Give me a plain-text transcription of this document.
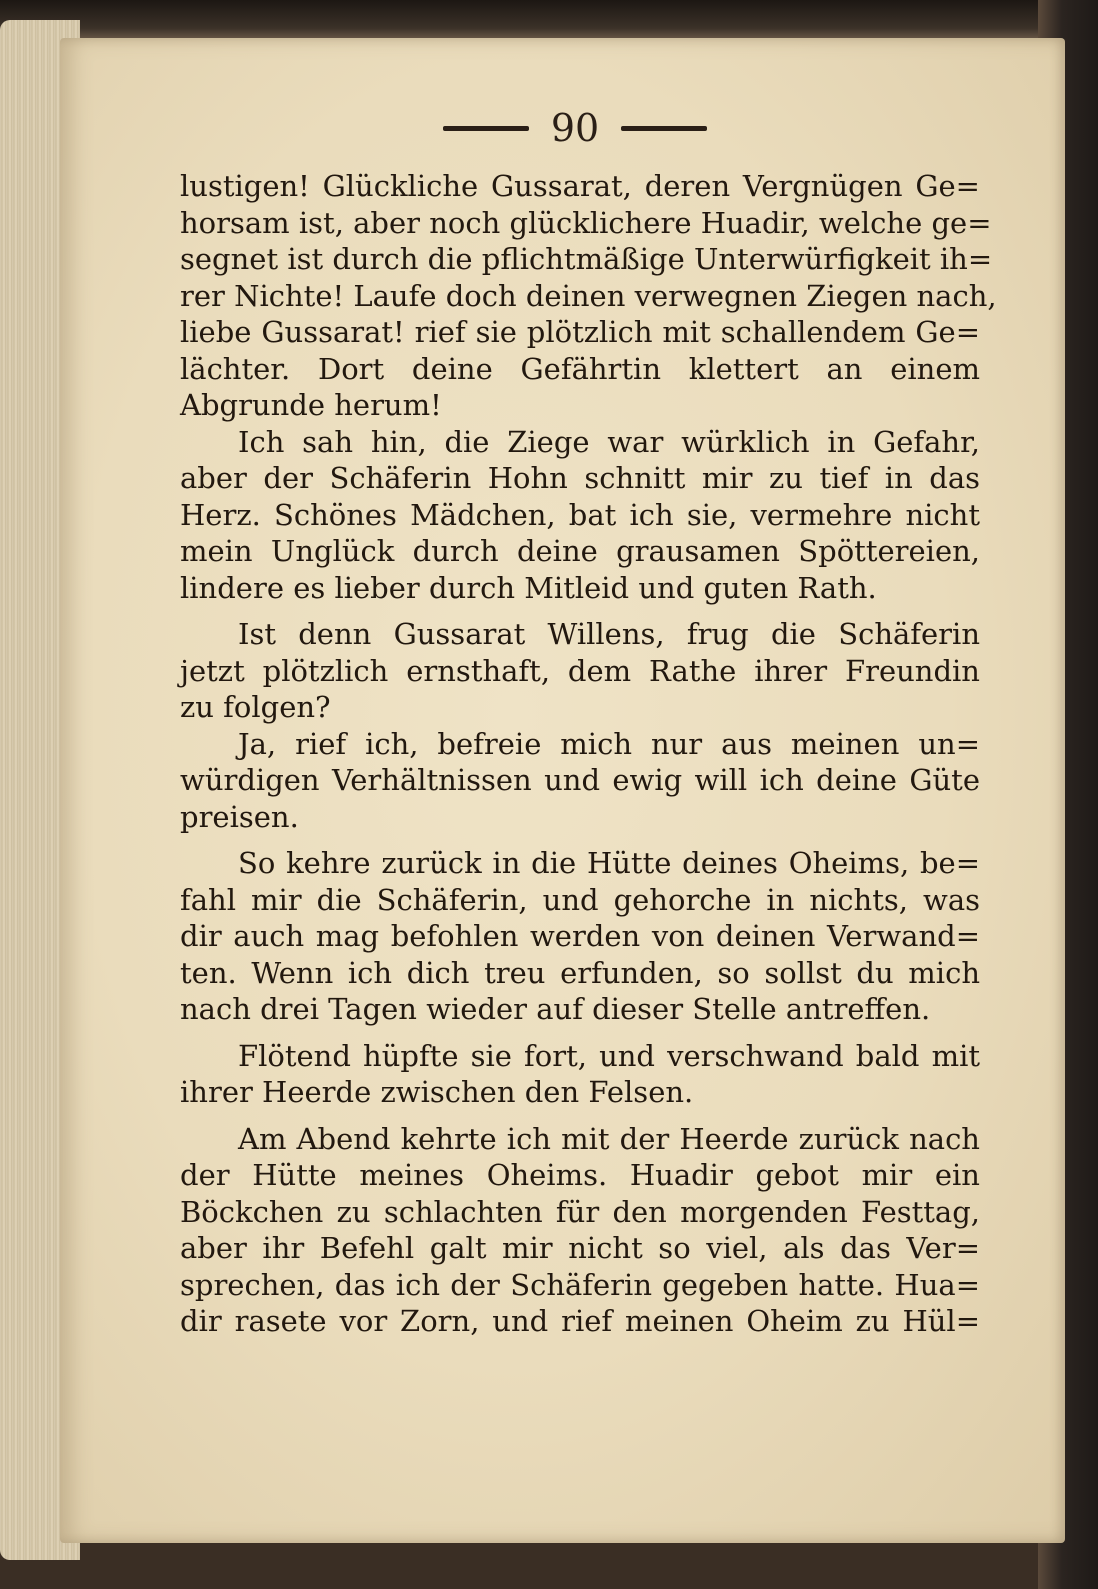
90
lustigen! Glückliche Gussarat, deren Vergnügen Ge=
horsam ist, aber noch glücklichere Huadir, welche ge=
segnet ist durch die pflichtmäßige Unterwürfigkeit ih=
rer Nichte! Laufe doch deinen verwegnen Ziegen nach,
liebe Gussarat! rief sie plötzlich mit schallendem Ge=
lächter. Dort deine Gefährtin klettert an einem
Abgrunde herum!
Ich sah hin, die Ziege war würklich in Gefahr,
aber der Schäferin Hohn schnitt mir zu tief in das
Herz. Schönes Mädchen, bat ich sie, vermehre nicht
mein Unglück durch deine grausamen Spöttereien,
lindere es lieber durch Mitleid und guten Rath.
Ist denn Gussarat Willens, frug die Schäferin
jetzt plötzlich ernsthaft, dem Rathe ihrer Freundin
zu folgen?
Ja, rief ich, befreie mich nur aus meinen un=
würdigen Verhältnissen und ewig will ich deine Güte
preisen.
So kehre zurück in die Hütte deines Oheims, be=
fahl mir die Schäferin, und gehorche in nichts, was
dir auch mag befohlen werden von deinen Verwand=
ten. Wenn ich dich treu erfunden, so sollst du mich
nach drei Tagen wieder auf dieser Stelle antreffen.
Flötend hüpfte sie fort, und verschwand bald mit
ihrer Heerde zwischen den Felsen.
Am Abend kehrte ich mit der Heerde zurück nach
der Hütte meines Oheims. Huadir gebot mir ein
Böckchen zu schlachten für den morgenden Festtag,
aber ihr Befehl galt mir nicht so viel, als das Ver=
sprechen, das ich der Schäferin gegeben hatte. Hua=
dir rasete vor Zorn, und rief meinen Oheim zu Hül=
